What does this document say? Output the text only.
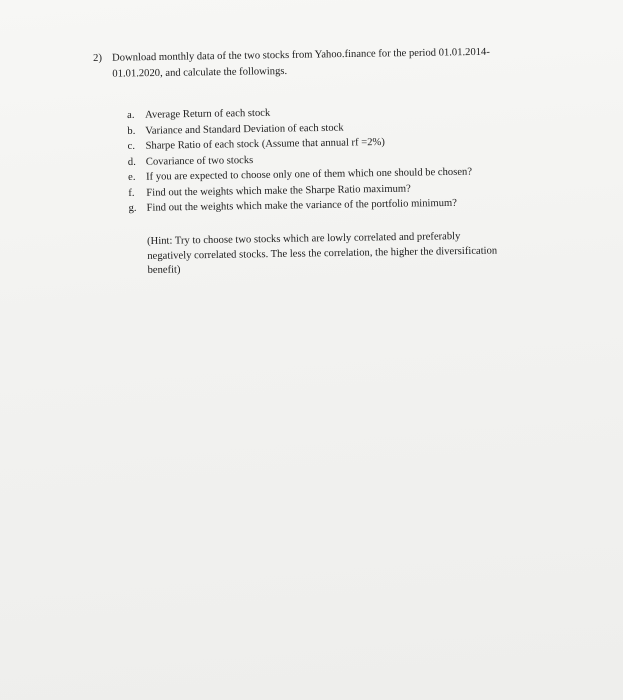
2) Download monthly data of the two stocks from Yahoo.finance for the period 01.01.2014-
01.01.2020, and calculate the followings.
a. Average Return of each stock
b. Variance and Standard Deviation of each stock
c. Sharpe Ratio of each stock (Assume that annual rf =2%)
d. Covariance of two stocks
e. If you are expected to choose only one of them which one should be chosen?
f.	Find out the weights which make the Sharpe Ratio maximum?
g. Find out the weights which make the variance of the portfolio minimum?
(Hint: Try to choose two stocks which are lowly correlated and preferably
negatively correlated stocks. The less the correlation, the higher the diversification
benefit)
